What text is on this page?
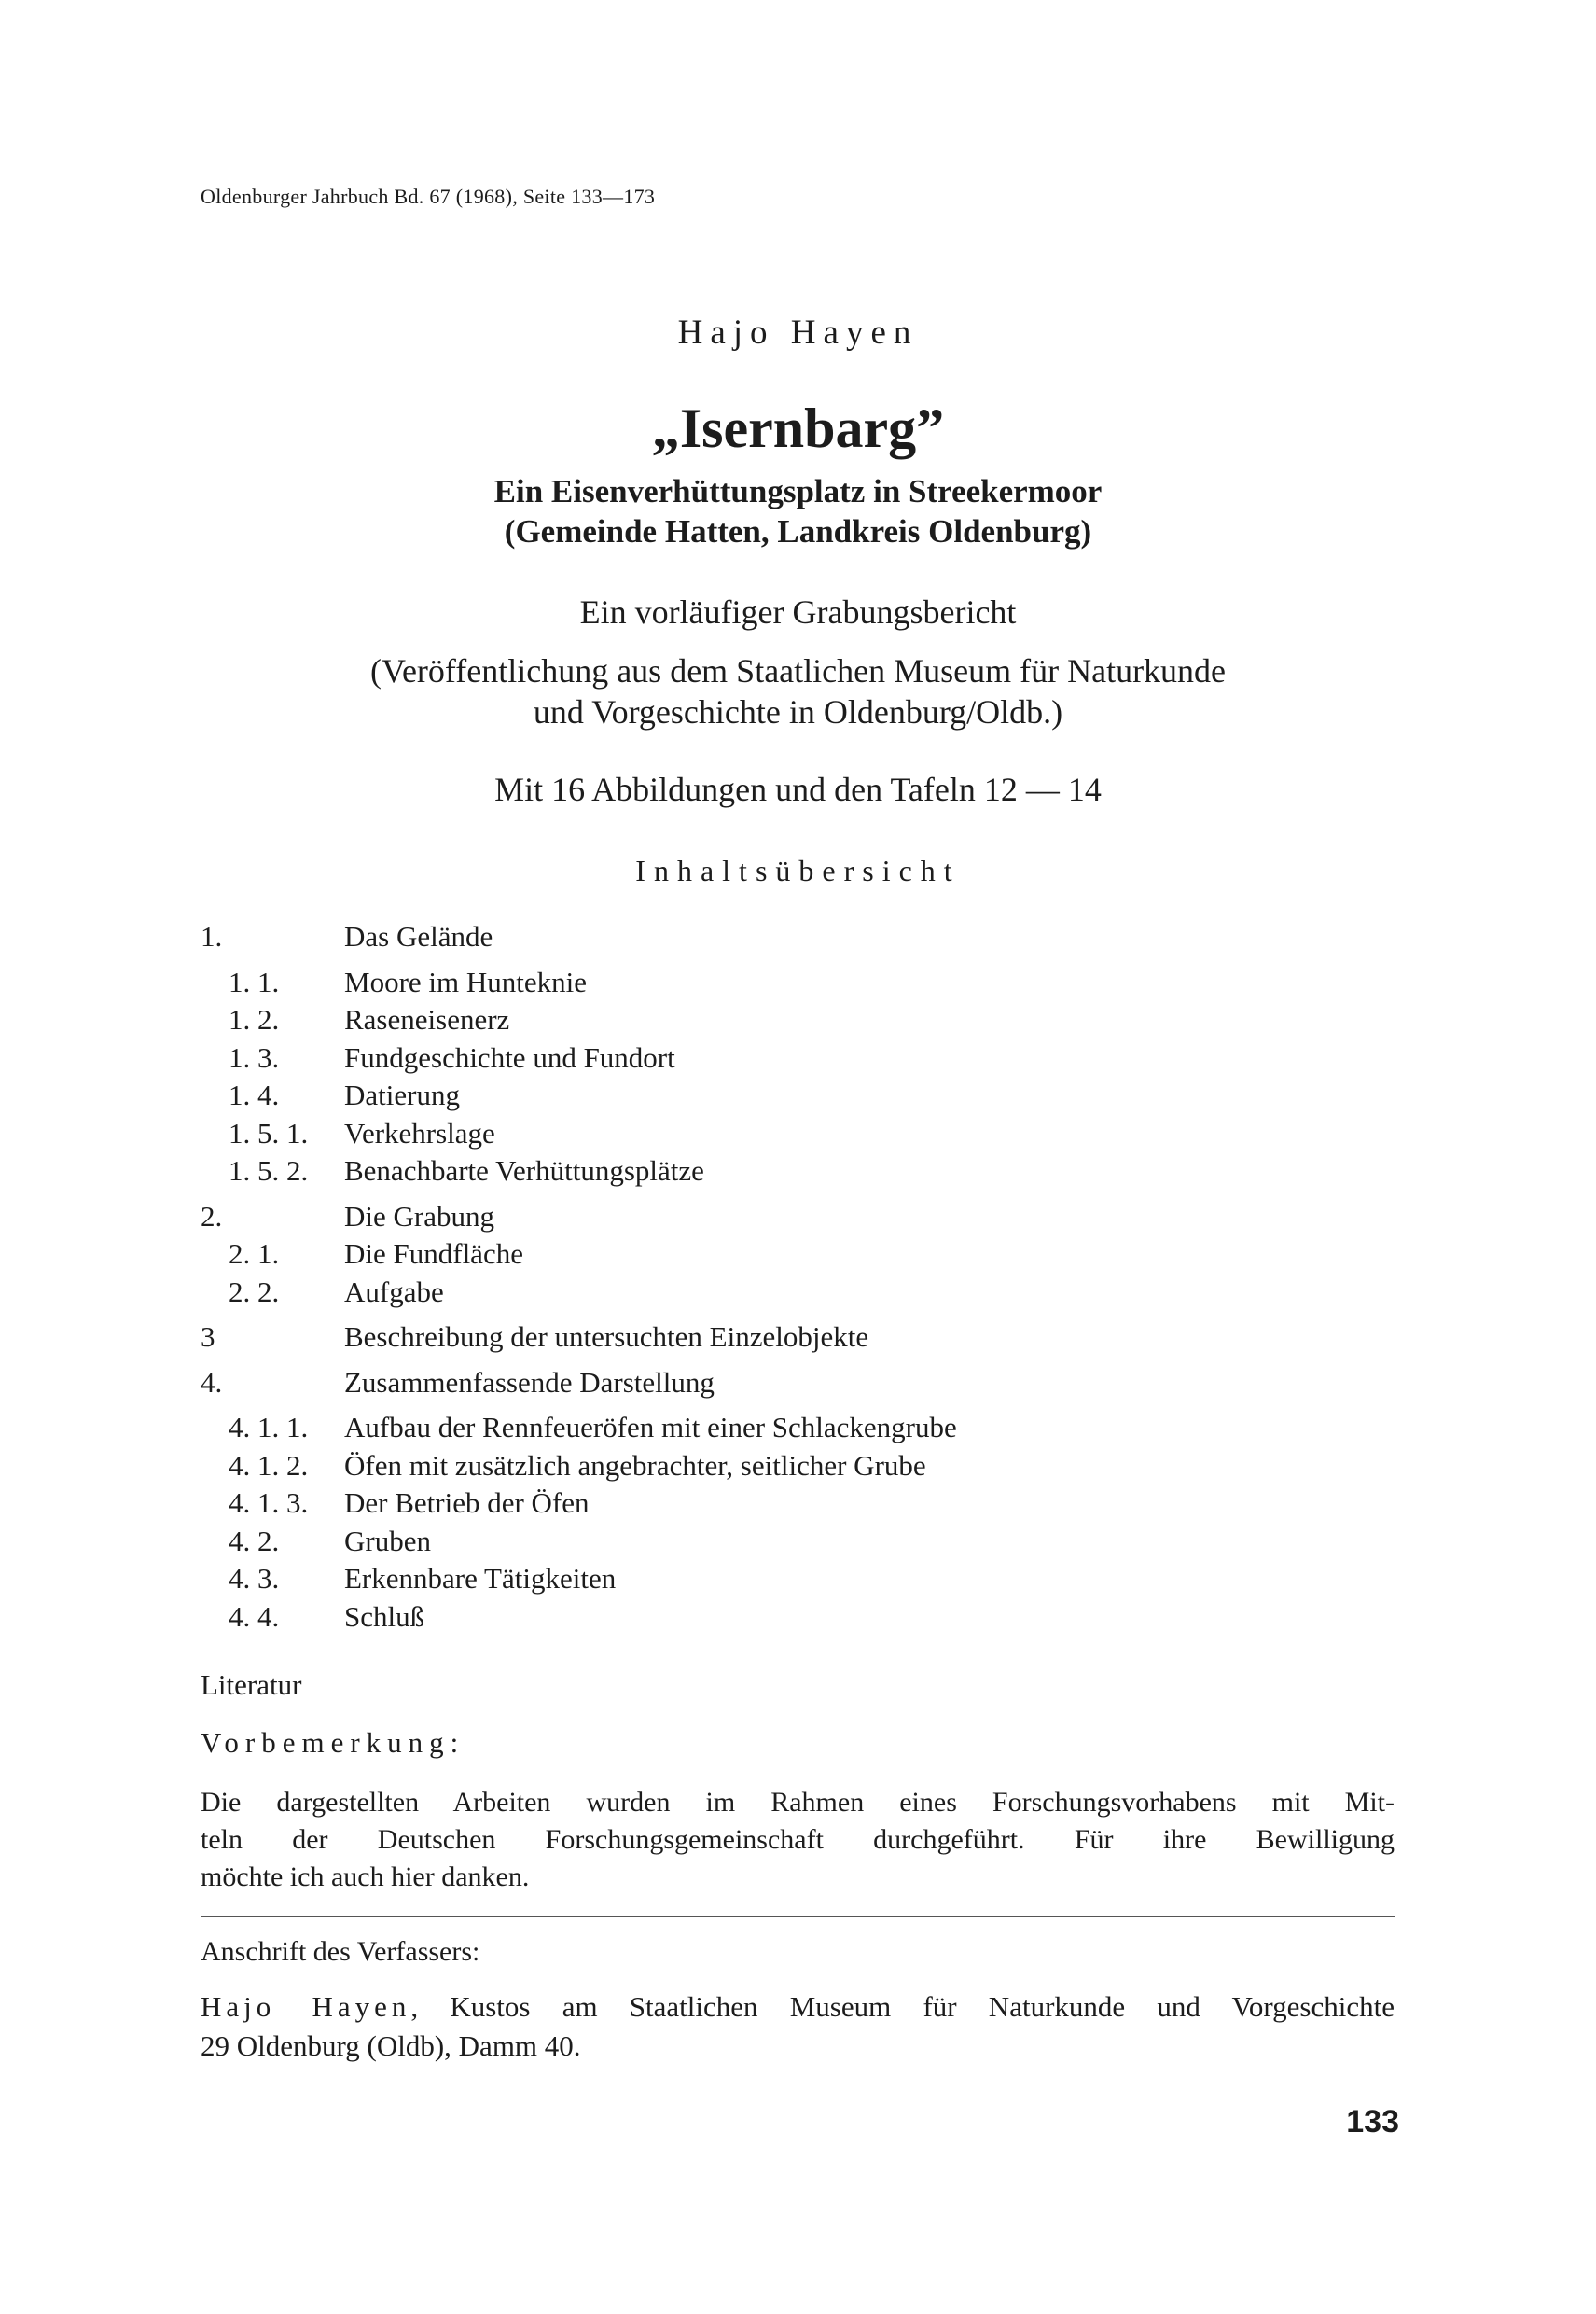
Oldenburger Jahrbuch Bd. 67 (1968), Seite 133—173
Hajo Hayen
„Isernbarg”
Ein Eisenverhüttungsplatz in Streekermoor
(Gemeinde Hatten, Landkreis Oldenburg)
Ein vorläufiger Grabungsbericht
(Veröffentlichung aus dem Staatlichen Museum für Naturkunde
und Vorgeschichte in Oldenburg/Oldb.)
Mit 16 Abbildungen und den Tafeln 12 — 14
Inhaltsübersicht
1.	Das Gelände
1. 1.	Moore im Hunteknie
1. 2.	Raseneisenerz
1. 3.	Fundgeschichte und Fundort
1. 4.	Datierung
1. 5. 1.	Verkehrslage
1. 5. 2.	Benachbarte Verhüttungsplätze
2.	Die Grabung
2. 1.	Die Fundfläche
2. 2.	Aufgabe
3	Beschreibung der untersuchten Einzelobjekte
4.	Zusammenfassende Darstellung
4. 1. 1.	Aufbau der Rennfeueröfen mit einer Schlackengrube
4. 1. 2.	Öfen mit zusätzlich angebrachter, seitlicher Grube
4. 1. 3.	Der Betrieb der Öfen
4. 2.	Gruben
4. 3.	Erkennbare Tätigkeiten
4. 4.	Schluß
Literatur
Vorbemerkung:
Die dargestellten Arbeiten wurden im Rahmen eines Forschungsvorhabens mit Mit-
teln der Deutschen Forschungsgemeinschaft durchgeführt. Für ihre Bewilligung
möchte ich auch hier danken.
Anschrift des Verfassers:
Hajo Hayen, Kustos am Staatlichen Museum für Naturkunde und Vorgeschichte
29 Oldenburg (Oldb), Damm 40.
133
